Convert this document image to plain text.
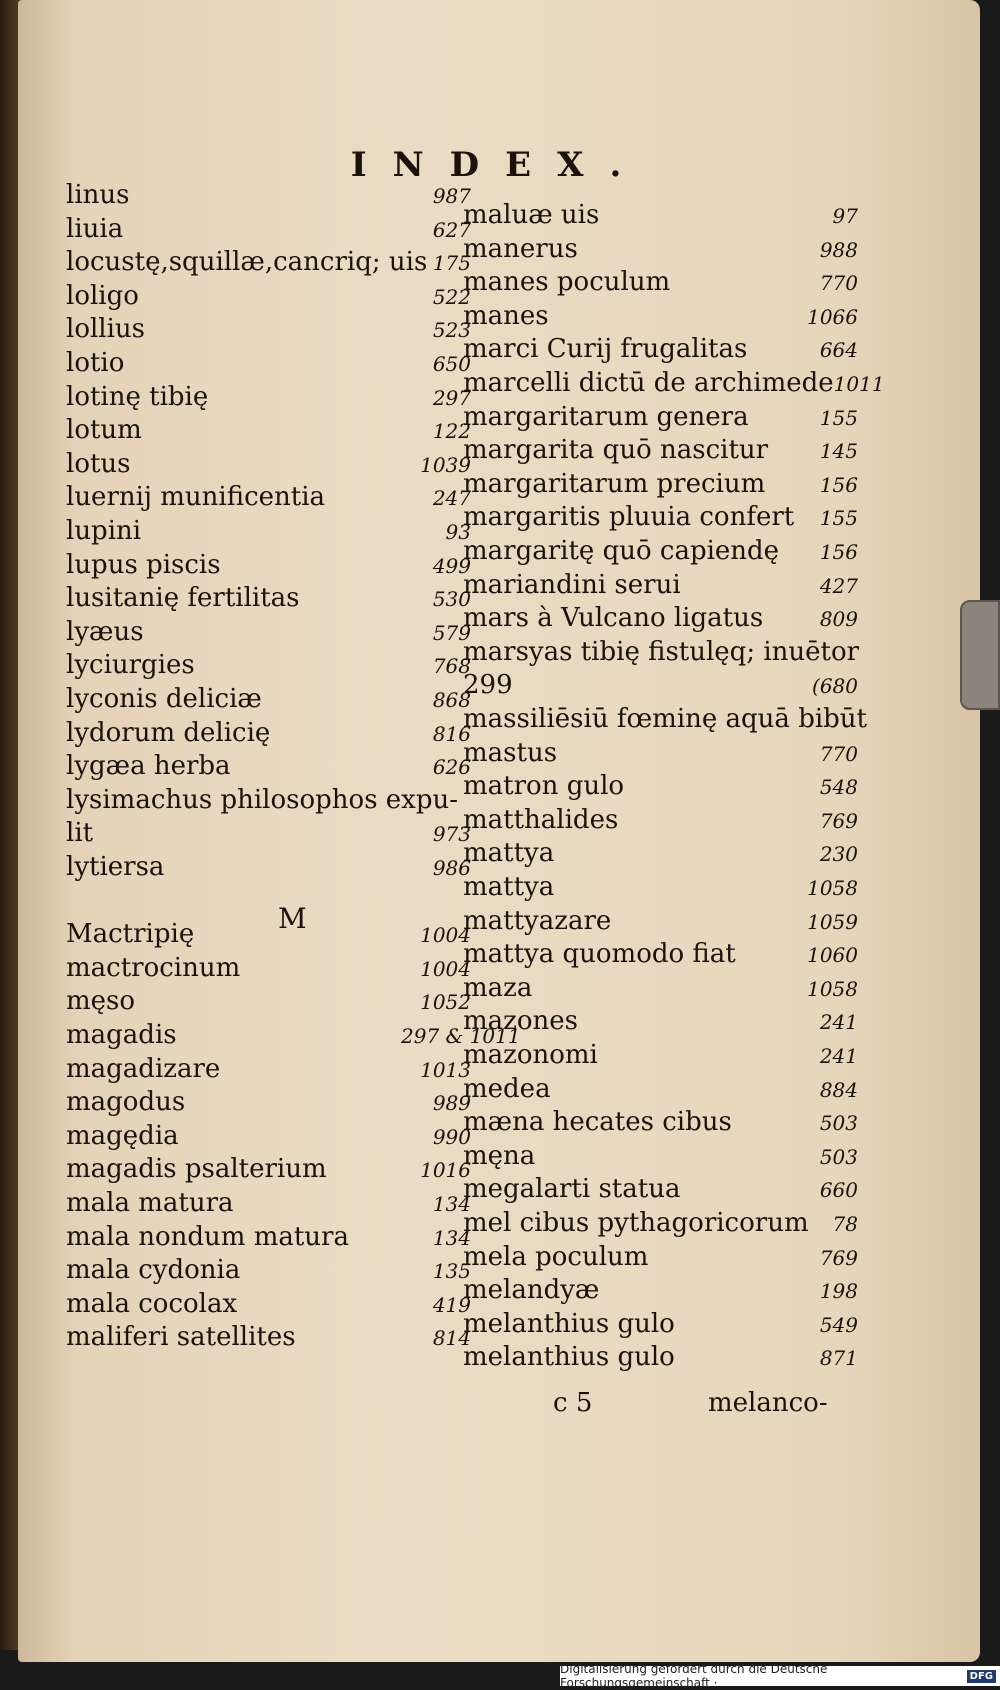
INDEX.
linus	987
liuia	627
locustę,squillæ,cancriq; uis 175
loligo	522
lollius	523
lotio	650
lotinę tibię	297
lotum	122
lotus	1039
luernij munificentia	247
lupini	93
lupus piscis	499
lusitanię fertilitas	530
lyæus	579
lyciurgies	768
lyconis deliciæ	868
lydorum delicię	816
lygæa herba	626
lysimachus philosophos expu-
lit	973
lytiersa	986
Mactripię	1004
mactrocinum	1004
męso	1052
magadis	297 & 1011
magadizare	1013
magodus	989
magędia	990
magadis psalterium	1016
mala matura	134
mala nondum matura	134
mala cydonia	135
mala cocolax	419
maliferi satellites	814
M
maluæ uis	97
manerus	988
manes poculum	770
manes	1066
marci Curij frugalitas	664
marcelli dictū de archimede 1011
margaritarum genera	155
margarita quō nascitur	145
margaritarum precium	156
margaritis pluuia confert	155
margaritę quō capiendę	156
mariandini serui	427
mars à Vulcano ligatus	809
marsyas tibię fistulęq; inuētor
299	(680
massiliēsiū fœminę aquā bibūt
mastus	770
matron gulo	548
matthalides	769
mattya	230
mattya	1058
mattyazare	1059
mattya quomodo fiat	1060
maza	1058
mazones	241
mazonomi	241
medea	884
mæna hecates cibus	503
męna	503
megalarti statua	660
mel cibus pythagoricorum	78
mela poculum	769
melandyæ	198
melanthius gulo	549
melanthius gulo	871
c 5	melanco-
Digitalisierung gefördert durch die Deutsche Forschungsgemeinschaft ·	DFG
